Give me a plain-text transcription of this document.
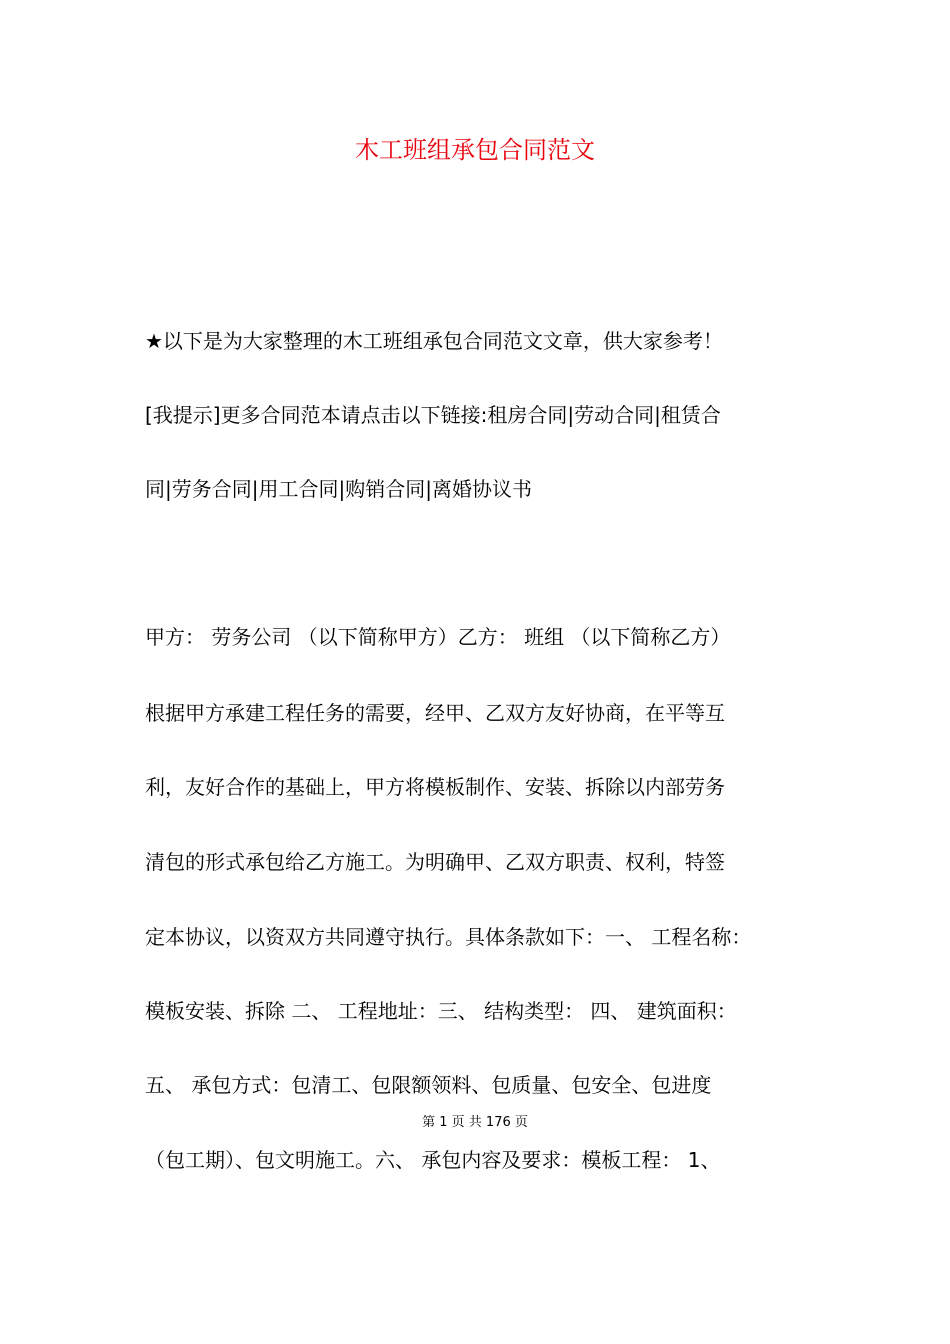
木工班组承包合同范文
★以下是为大家整理的木工班组承包合同范文文章，供大家参考！
[我提示]更多合同范本请点击以下链接:租房合同|劳动合同|租赁合
同|劳务合同|用工合同|购销合同|离婚协议书
甲方： 劳务公司 （以下简称甲方）乙方： 班组 （以下简称乙方）
根据甲方承建工程任务的需要，经甲、乙双方友好协商，在平等互
利，友好合作的基础上，甲方将模板制作、安装、拆除以内部劳务
清包的形式承包给乙方施工。为明确甲、乙双方职责、权利，特签
定本协议，以资双方共同遵守执行。具体条款如下：一、 工程名称：
模板安装、拆除 二、 工程地址：三、 结构类型： 四、 建筑面积：
五、 承包方式：包清工、包限额领料、包质量、包安全、包进度
第 1 页 共 176 页
（包工期）、包文明施工。六、 承包内容及要求：模板工程： 1、
